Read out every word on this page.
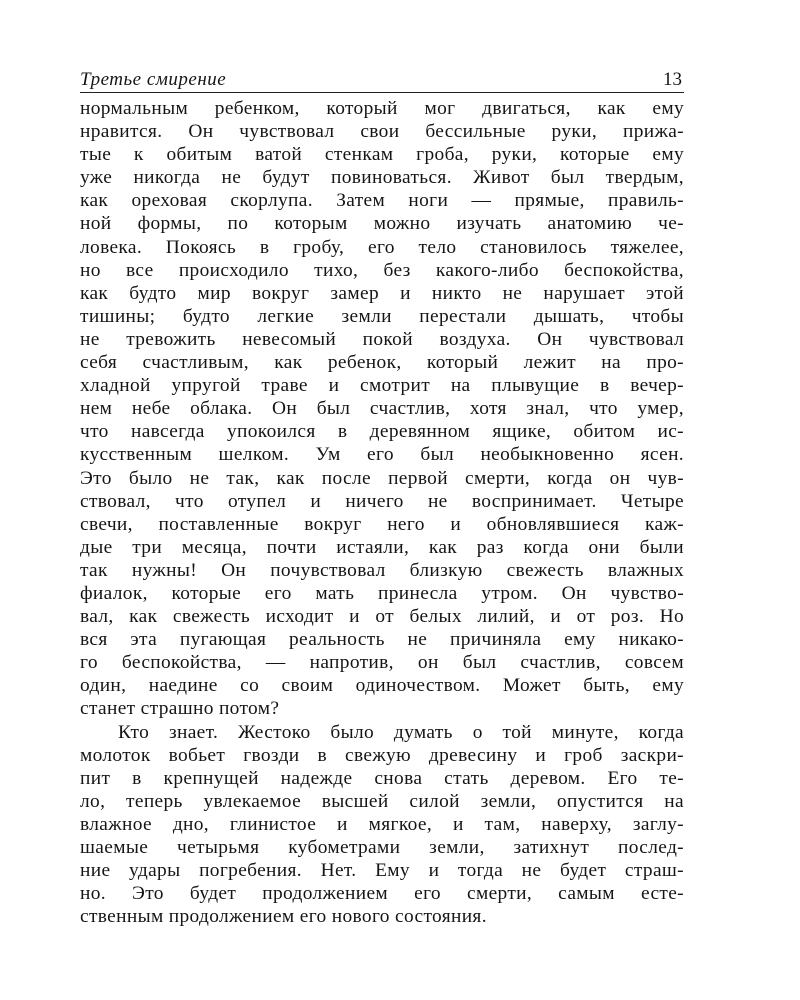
Третье смирение	13
нормальным ребенком, который мог двигаться, как ему
нравится. Он чувствовал свои бессильные руки, прижа-
тые к обитым ватой стенкам гроба, руки, которые ему
уже никогда не будут повиноваться. Живот был твердым,
как ореховая скорлупа. Затем ноги — прямые, правиль-
ной формы, по которым можно изучать анатомию че-
ловека. Покоясь в гробу, его тело становилось тяжелее,
но все происходило тихо, без какого-либо беспокойства,
как будто мир вокруг замер и никто не нарушает этой
тишины; будто легкие земли перестали дышать, чтобы
не тревожить невесомый покой воздуха. Он чувствовал
себя счастливым, как ребенок, который лежит на про-
хладной упругой траве и смотрит на плывущие в вечер-
нем небе облака. Он был счастлив, хотя знал, что умер,
что навсегда упокоился в деревянном ящике, обитом ис-
кусственным шелком. Ум его был необыкновенно ясен.
Это было не так, как после первой смерти, когда он чув-
ствовал, что отупел и ничего не воспринимает. Четыре
свечи, поставленные вокруг него и обновлявшиеся каж-
дые три месяца, почти истаяли, как раз когда они были
так нужны! Он почувствовал близкую свежесть влажных
фиалок, которые его мать принесла утром. Он чувство-
вал, как свежесть исходит и от белых лилий, и от роз. Но
вся эта пугающая реальность не причиняла ему никако-
го беспокойства, — напротив, он был счастлив, совсем
один, наедине со своим одиночеством. Может быть, ему
станет страшно потом?
Кто знает. Жестоко было думать о той минуте, когда
молоток вобьет гвозди в свежую древесину и гроб заскри-
пит в крепнущей надежде снова стать деревом. Его те-
ло, теперь увлекаемое высшей силой земли, опустится на
влажное дно, глинистое и мягкое, и там, наверху, заглу-
шаемые четырьмя кубометрами земли, затихнут послед-
ние удары погребения. Нет. Ему и тогда не будет страш-
но. Это будет продолжением его смерти, самым есте-
ственным продолжением его нового состояния.
